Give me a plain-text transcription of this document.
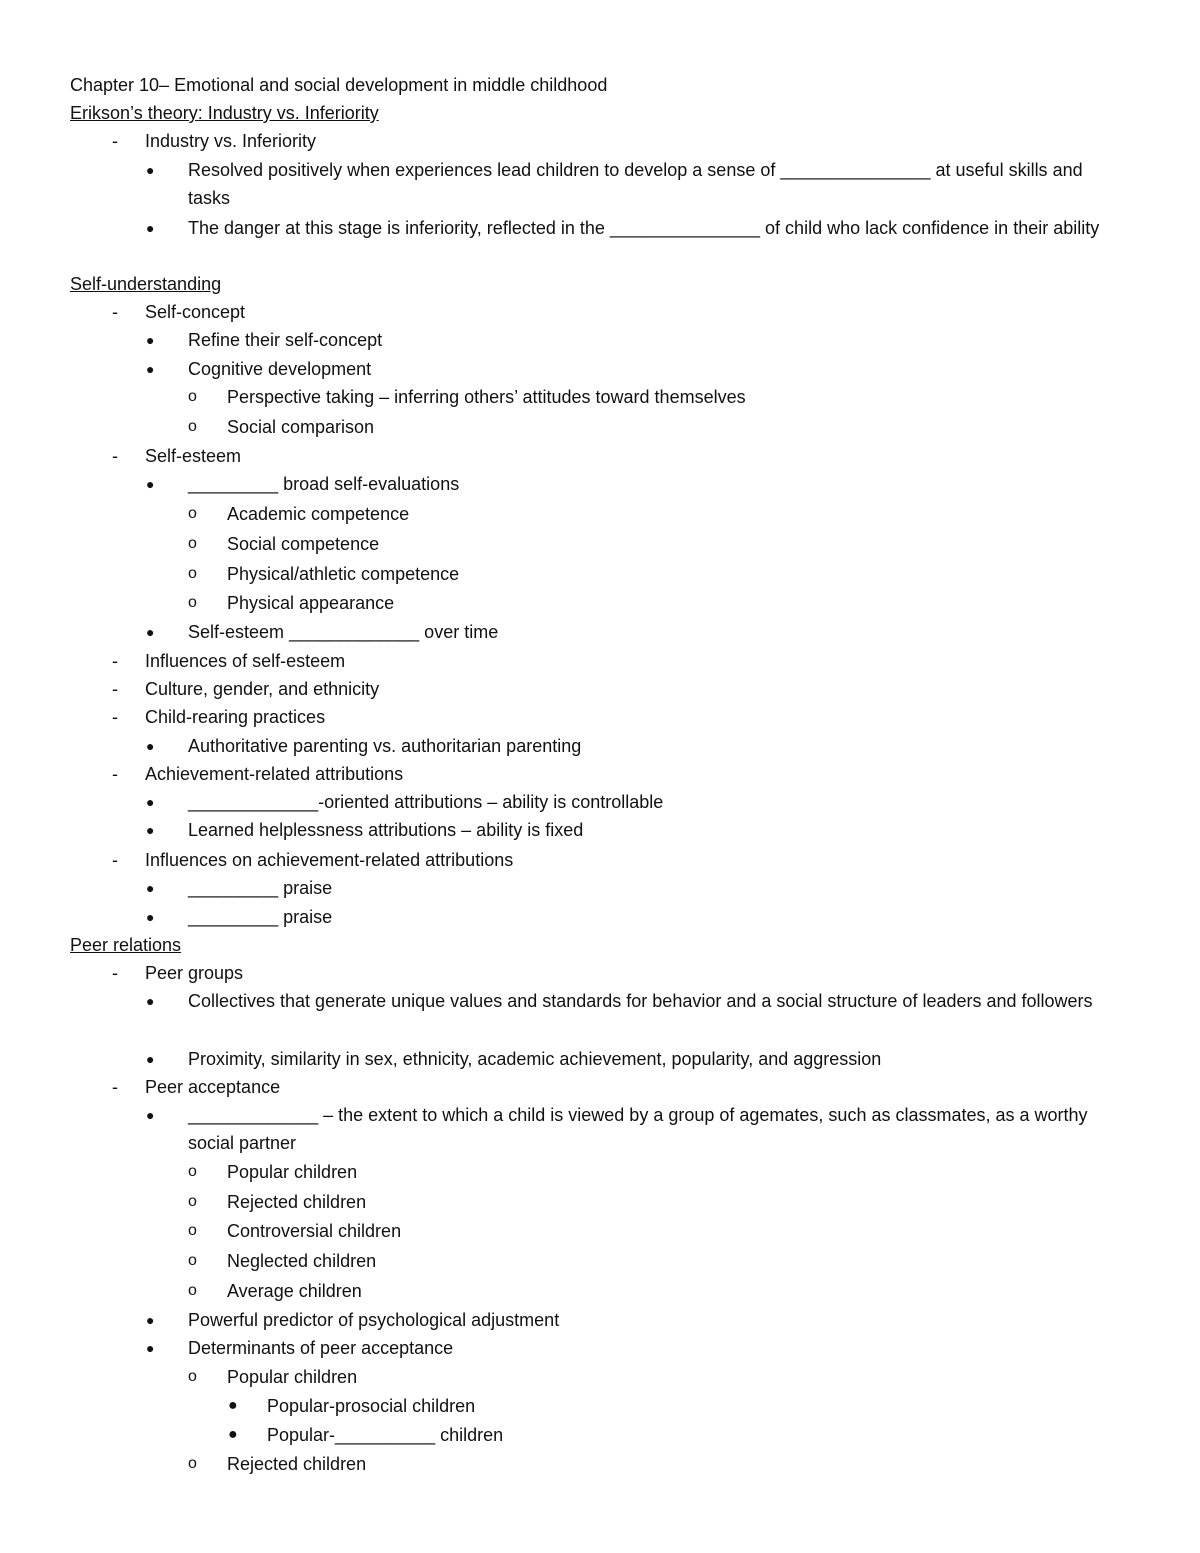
Chapter 10– Emotional and social development in middle childhood
Erikson’s theory: Industry vs. Inferiority
- Industry vs. Inferiority
● Resolved positively when experiences lead children to develop a sense of _______________ at useful skills and tasks
● The danger at this stage is inferiority, reflected in the _______________ of child who lack confidence in their ability
Self-understanding
- Self-concept
● Refine their self-concept
● Cognitive development
o Perspective taking – inferring others’ attitudes toward themselves
o Social comparison
- Self-esteem
● _________ broad self-evaluations
o Academic competence
o Social competence
o Physical/athletic competence
o Physical appearance
● Self-esteem _____________ over time
- Influences of self-esteem
- Culture, gender, and ethnicity
- Child-rearing practices
● Authoritative parenting vs. authoritarian parenting
- Achievement-related attributions
● _____________-oriented attributions – ability is controllable
● Learned helplessness attributions – ability is fixed
- Influences on achievement-related attributions
● _________ praise
● _________ praise
Peer relations
- Peer groups
● Collectives that generate unique values and standards for behavior and a social structure of leaders and followers
● Proximity, similarity in sex, ethnicity, academic achievement, popularity, and aggression
- Peer acceptance
● _____________ – the extent to which a child is viewed by a group of agemates, such as classmates, as a worthy social partner
o Popular children
o Rejected children
o Controversial children
o Neglected children
o Average children
● Powerful predictor of psychological adjustment
● Determinants of peer acceptance
o Popular children
● Popular-prosocial children
● Popular-__________ children
o Rejected children
